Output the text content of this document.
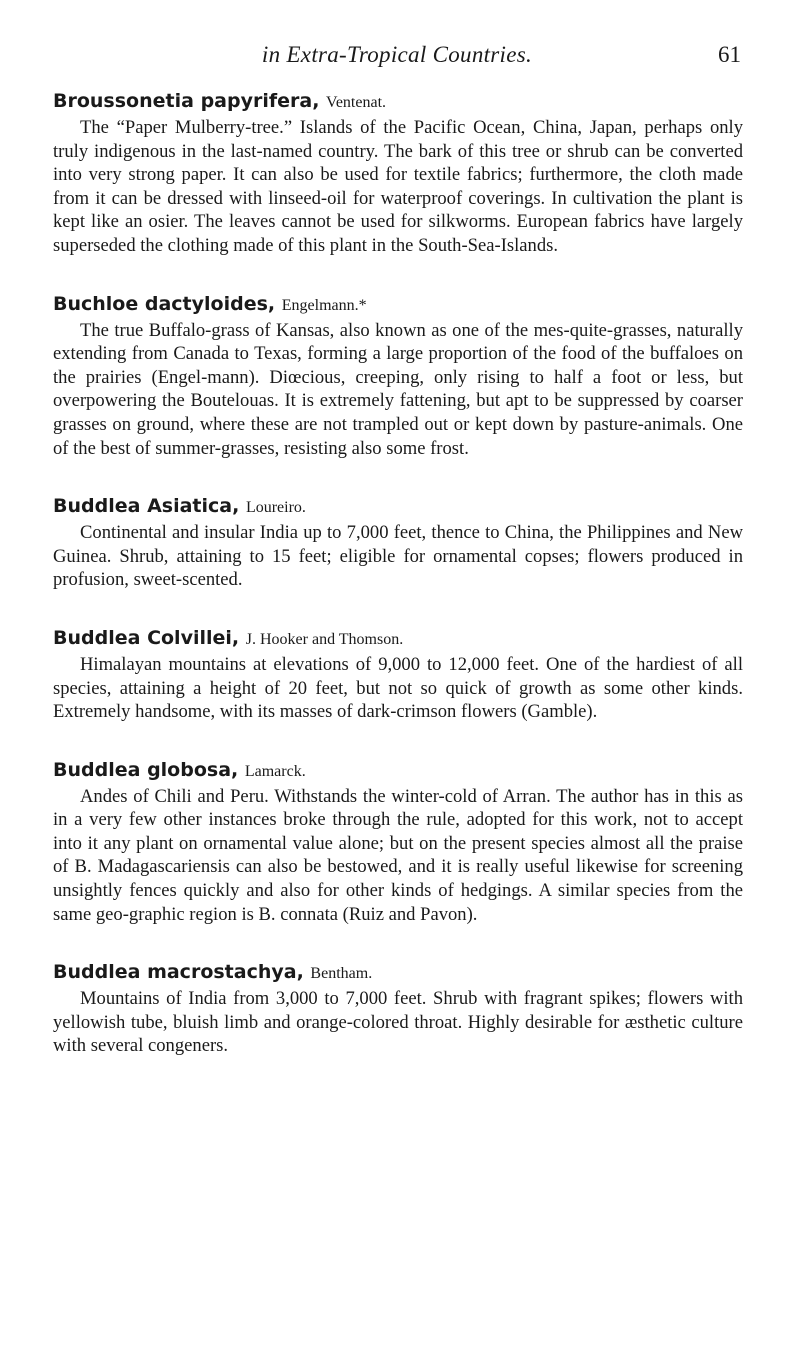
in Extra-Tropical Countries.	61
Broussonetia papyrifera, Ventenat.

The “Paper Mulberry-tree.” Islands of the Pacific Ocean, China, Japan, perhaps only truly indigenous in the last-named country. The bark of this tree or shrub can be converted into very strong paper. It can also be used for textile fabrics; furthermore, the cloth made from it can be dressed with linseed-oil for waterproof coverings. In cultivation the plant is kept like an osier. The leaves cannot be used for silkworms. European fabrics have largely superseded the clothing made of this plant in the South-Sea-Islands.

Buchloe dactyloides, Engelmann.*

The true Buffalo-grass of Kansas, also known as one of the mes-quite-grasses, naturally extending from Canada to Texas, forming a large proportion of the food of the buffaloes on the prairies (Engel-mann). Diœcious, creeping, only rising to half a foot or less, but overpowering the Boutelouas. It is extremely fattening, but apt to be suppressed by coarser grasses on ground, where these are not trampled out or kept down by pasture-animals. One of the best of summer-grasses, resisting also some frost.

Buddlea Asiatica, Loureiro.

Continental and insular India up to 7,000 feet, thence to China, the Philippines and New Guinea. Shrub, attaining to 15 feet; eligible for ornamental copses; flowers produced in profusion, sweet-scented.

Buddlea Colvillei, J. Hooker and Thomson.

Himalayan mountains at elevations of 9,000 to 12,000 feet. One of the hardiest of all species, attaining a height of 20 feet, but not so quick of growth as some other kinds. Extremely handsome, with its masses of dark-crimson flowers (Gamble).

Buddlea globosa, Lamarck.

Andes of Chili and Peru. Withstands the winter-cold of Arran. The author has in this as in a very few other instances broke through the rule, adopted for this work, not to accept into it any plant on ornamental value alone; but on the present species almost all the praise of B. Madagascariensis can also be bestowed, and it is really useful likewise for screening unsightly fences quickly and also for other kinds of hedgings. A similar species from the same geo-graphic region is B. connata (Ruiz and Pavon).

Buddlea macrostachya, Bentham.

Mountains of India from 3,000 to 7,000 feet. Shrub with fragrant spikes; flowers with yellowish tube, bluish limb and orange-colored throat. Highly desirable for æsthetic culture with several congeners.
